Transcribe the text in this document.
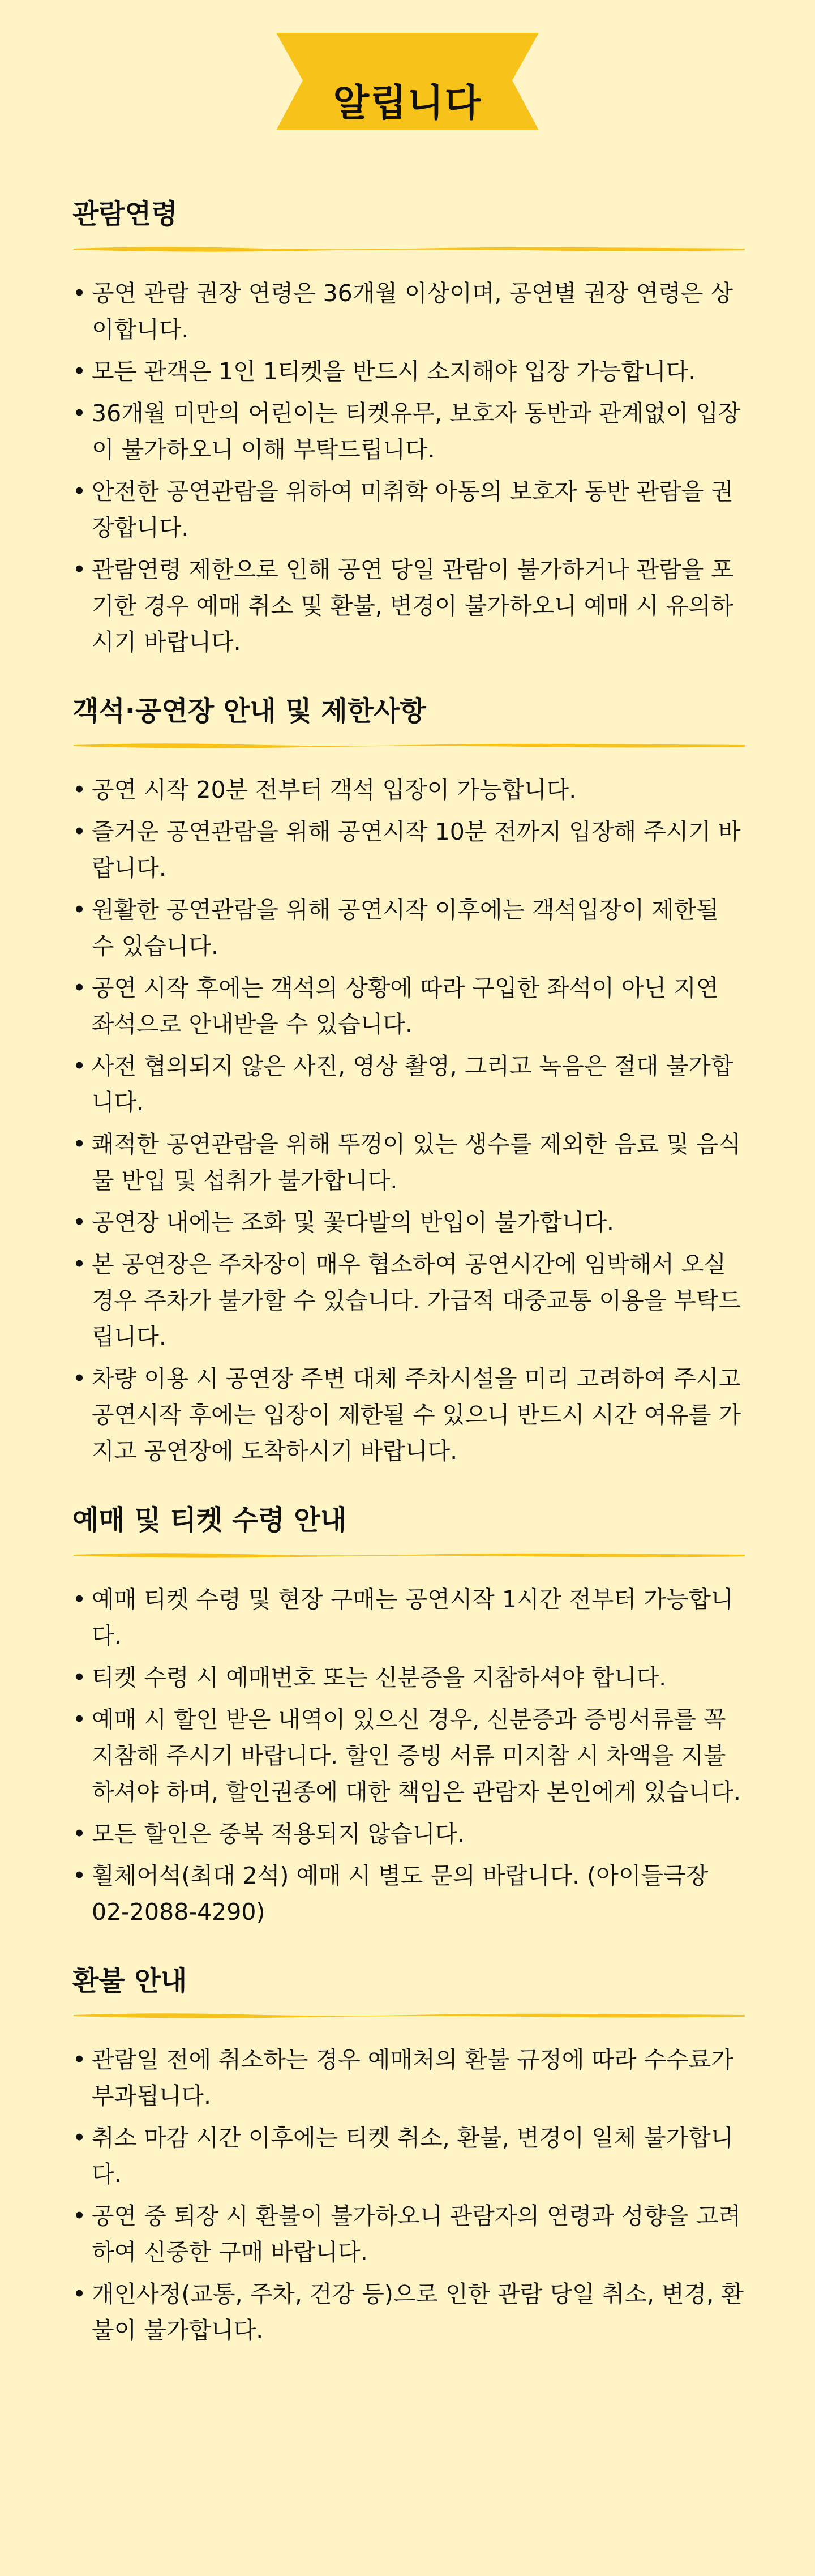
알립니다
관람연령
• 공연 관람 권장 연령은 36개월 이상이며, 공연별 권장 연령은 상이합니다.
• 모든 관객은 1인 1티켓을 반드시 소지해야 입장 가능합니다.
• 36개월 미만의 어린이는 티켓유무, 보호자 동반과 관계없이 입장이 불가하오니 이해 부탁드립니다.
• 안전한 공연관람을 위하여 미취학 아동의 보호자 동반 관람을 권장합니다.
• 관람연령 제한으로 인해 공연 당일 관람이 불가하거나 관람을 포기한 경우 예매 취소 및 환불, 변경이 불가하오니 예매 시 유의하시기 바랍니다.
객석·공연장 안내 및 제한사항
• 공연 시작 20분 전부터 객석 입장이 가능합니다.
• 즐거운 공연관람을 위해 공연시작 10분 전까지 입장해 주시기 바랍니다.
• 원활한 공연관람을 위해 공연시작 이후에는 객석입장이 제한될 수 있습니다.
• 공연 시작 후에는 객석의 상황에 따라 구입한 좌석이 아닌 지연 좌석으로 안내받을 수 있습니다.
• 사전 협의되지 않은 사진, 영상 촬영, 그리고 녹음은 절대 불가합니다.
• 쾌적한 공연관람을 위해 뚜껑이 있는 생수를 제외한 음료 및 음식물 반입 및 섭취가 불가합니다.
• 공연장 내에는 조화 및 꽃다발의 반입이 불가합니다.
• 본 공연장은 주차장이 매우 협소하여 공연시간에 임박해서 오실 경우 주차가 불가할 수 있습니다. 가급적 대중교통 이용을 부탁드립니다.
• 차량 이용 시 공연장 주변 대체 주차시설을 미리 고려하여 주시고 공연시작 후에는 입장이 제한될 수 있으니 반드시 시간 여유를 가지고 공연장에 도착하시기 바랍니다.
예매 및 티켓 수령 안내
• 예매 티켓 수령 및 현장 구매는 공연시작 1시간 전부터 가능합니다.
• 티켓 수령 시 예매번호 또는 신분증을 지참하셔야 합니다.
• 예매 시 할인 받은 내역이 있으신 경우, 신분증과 증빙서류를 꼭 지참해 주시기 바랍니다. 할인 증빙 서류 미지참 시 차액을 지불하셔야 하며, 할인권종에 대한 책임은 관람자 본인에게 있습니다.
• 모든 할인은 중복 적용되지 않습니다.
• 휠체어석(최대 2석) 예매 시 별도 문의 바랍니다. (아이들극장 02-2088-4290)
환불 안내
• 관람일 전에 취소하는 경우 예매처의 환불 규정에 따라 수수료가 부과됩니다.
• 취소 마감 시간 이후에는 티켓 취소, 환불, 변경이 일체 불가합니다.
• 공연 중 퇴장 시 환불이 불가하오니 관람자의 연령과 성향을 고려하여 신중한 구매 바랍니다.
• 개인사정(교통, 주차, 건강 등)으로 인한 관람 당일 취소, 변경, 환불이 불가합니다.
